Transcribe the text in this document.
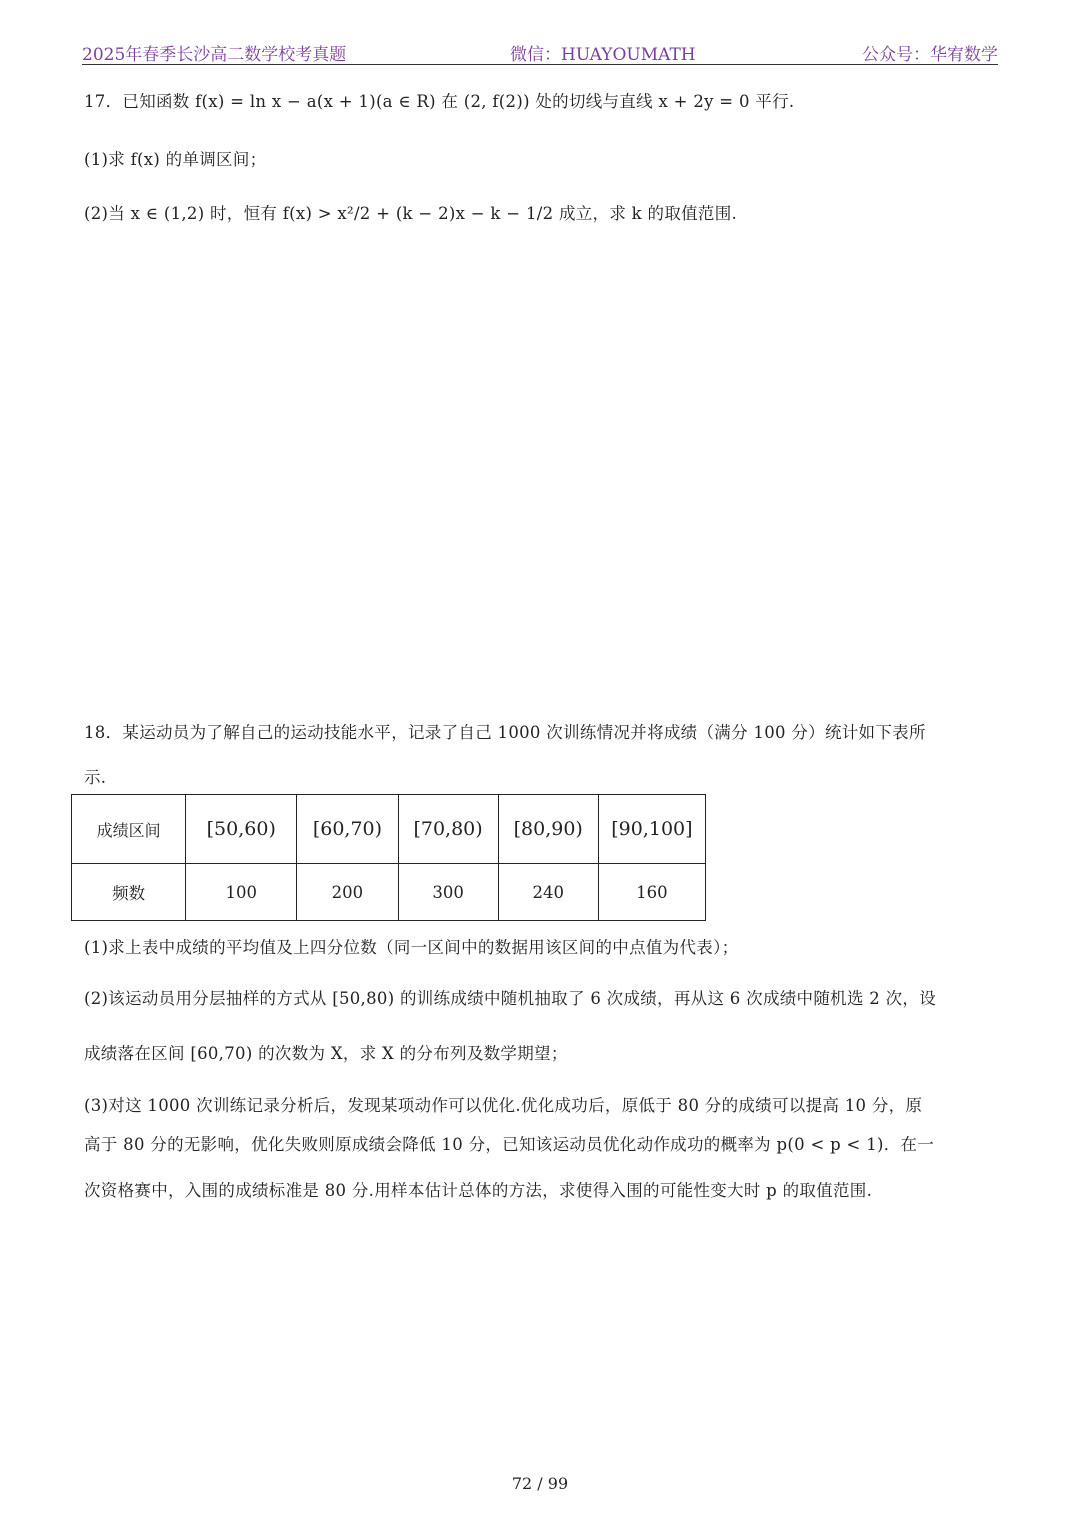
2025年春季长沙高二数学校考真题	微信：HUAYOUMATH	公众号：华宥数学
17．已知函数 f(x) = ln x − a(x + 1)(a ∈ R) 在 (2, f(2)) 处的切线与直线 x + 2y = 0 平行.
(1)求 f(x) 的单调区间；
(2)当 x ∈ (1,2) 时，恒有 f(x) > x²/2 + (k − 2)x − k − 1/2 成立，求 k 的取值范围.
18．某运动员为了解自己的运动技能水平，记录了自己 1000 次训练情况并将成绩（满分 100 分）统计如下表所
示.
成绩区间	[50,60)	[60,70)	[70,80)	[80,90)	[90,100]
频数	100	200	300	240	160
(1)求上表中成绩的平均值及上四分位数（同一区间中的数据用该区间的中点值为代表）；
(2)该运动员用分层抽样的方式从 [50,80) 的训练成绩中随机抽取了 6 次成绩，再从这 6 次成绩中随机选 2 次，设
成绩落在区间 [60,70) 的次数为 X，求 X 的分布列及数学期望；
(3)对这 1000 次训练记录分析后，发现某项动作可以优化.优化成功后，原低于 80 分的成绩可以提高 10 分，原
高于 80 分的无影响，优化失败则原成绩会降低 10 分，已知该运动员优化动作成功的概率为 p(0 < p < 1)．在一
次资格赛中，入围的成绩标准是 80 分.用样本估计总体的方法，求使得入围的可能性变大时 p 的取值范围.
72 / 99
